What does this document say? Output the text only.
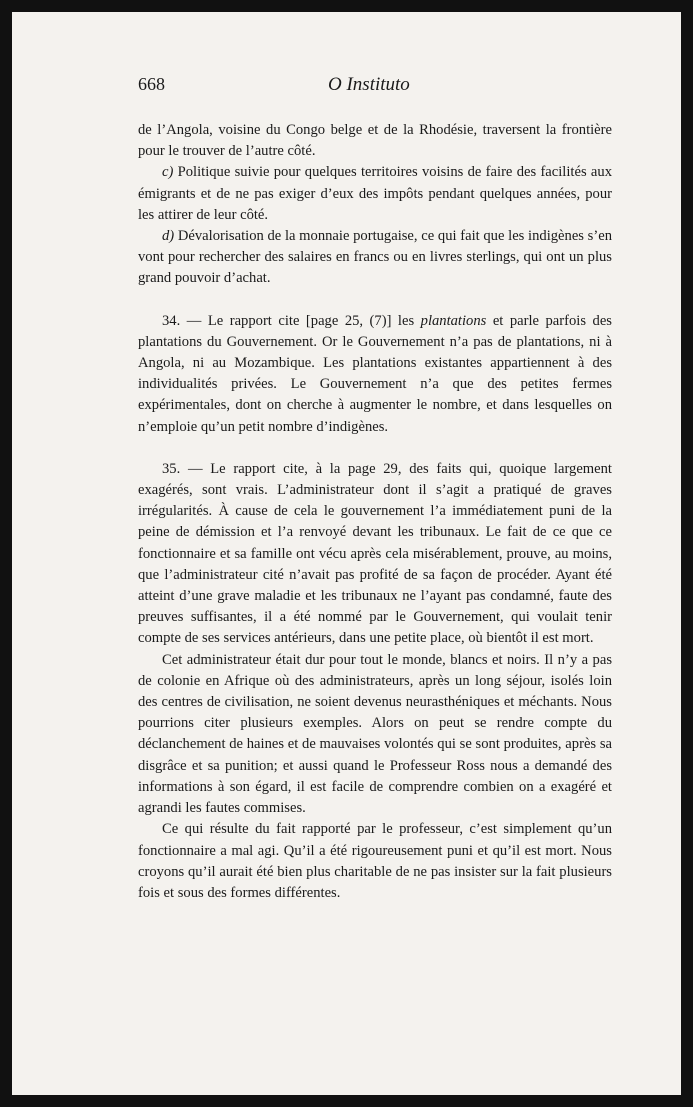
668	O Instituto

de l’Angola, voisine du Congo belge et de la Rhodésie, traversent la frontière pour le trouver de l’autre côté.

c) Politique suivie pour quelques territoires voisins de faire des facilités aux émigrants et de ne pas exiger d’eux des impôts pendant quelques années, pour les attirer de leur côté.

d) Dévalorisation de la monnaie portugaise, ce qui fait que les indigènes s’en vont pour rechercher des salaires en francs ou en livres sterlings, qui ont un plus grand pouvoir d’achat.

34. — Le rapport cite [page 25, (7)] les plantations et parle parfois des plantations du Gouvernement. Or le Gouvernement n’a pas de plantations, ni à Angola, ni au Mozambique. Les plantations existantes appartiennent à des individualités privées. Le Gouvernement n’a que des petites fermes expérimentales, dont on cherche à augmenter le nombre, et dans lesquelles on n’emploie qu’un petit nombre d’indigènes.

35. — Le rapport cite, à la page 29, des faits qui, quoique largement exagérés, sont vrais. L’administrateur dont il s’agit a pratiqué de graves irrégularités. À cause de cela le gouvernement l’a immédiatement puni de la peine de démission et l’a renvoyé devant les tribunaux. Le fait de ce que ce fonctionnaire et sa famille ont vécu après cela misérablement, prouve, au moins, que l’administrateur cité n’avait pas profité de sa façon de procéder. Ayant été atteint d’une grave maladie et les tribunaux ne l’ayant pas condamné, faute des preuves suffisantes, il a été nommé par le Gouvernement, qui voulait tenir compte de ses services antérieurs, dans une petite place, où bientôt il est mort.

Cet administrateur était dur pour tout le monde, blancs et noirs. Il n’y a pas de colonie en Afrique où des administrateurs, après un long séjour, isolés loin des centres de civilisation, ne soient devenus neurasthéniques et méchants. Nous pourrions citer plusieurs exemples. Alors on peut se rendre compte du déclanchement de haines et de mauvaises volontés qui se sont produites, après sa disgrâce et sa punition; et aussi quand le Professeur Ross nous a demandé des informations à son égard, il est facile de comprendre combien on a exagéré et agrandi les fautes commises.

Ce qui résulte du fait rapporté par le professeur, c’est simplement qu’un fonctionnaire a mal agi. Qu’il a été rigoureusement puni et qu’il est mort. Nous croyons qu’il aurait été bien plus charitable de ne pas insister sur la fait plusieurs fois et sous des formes différentes.
